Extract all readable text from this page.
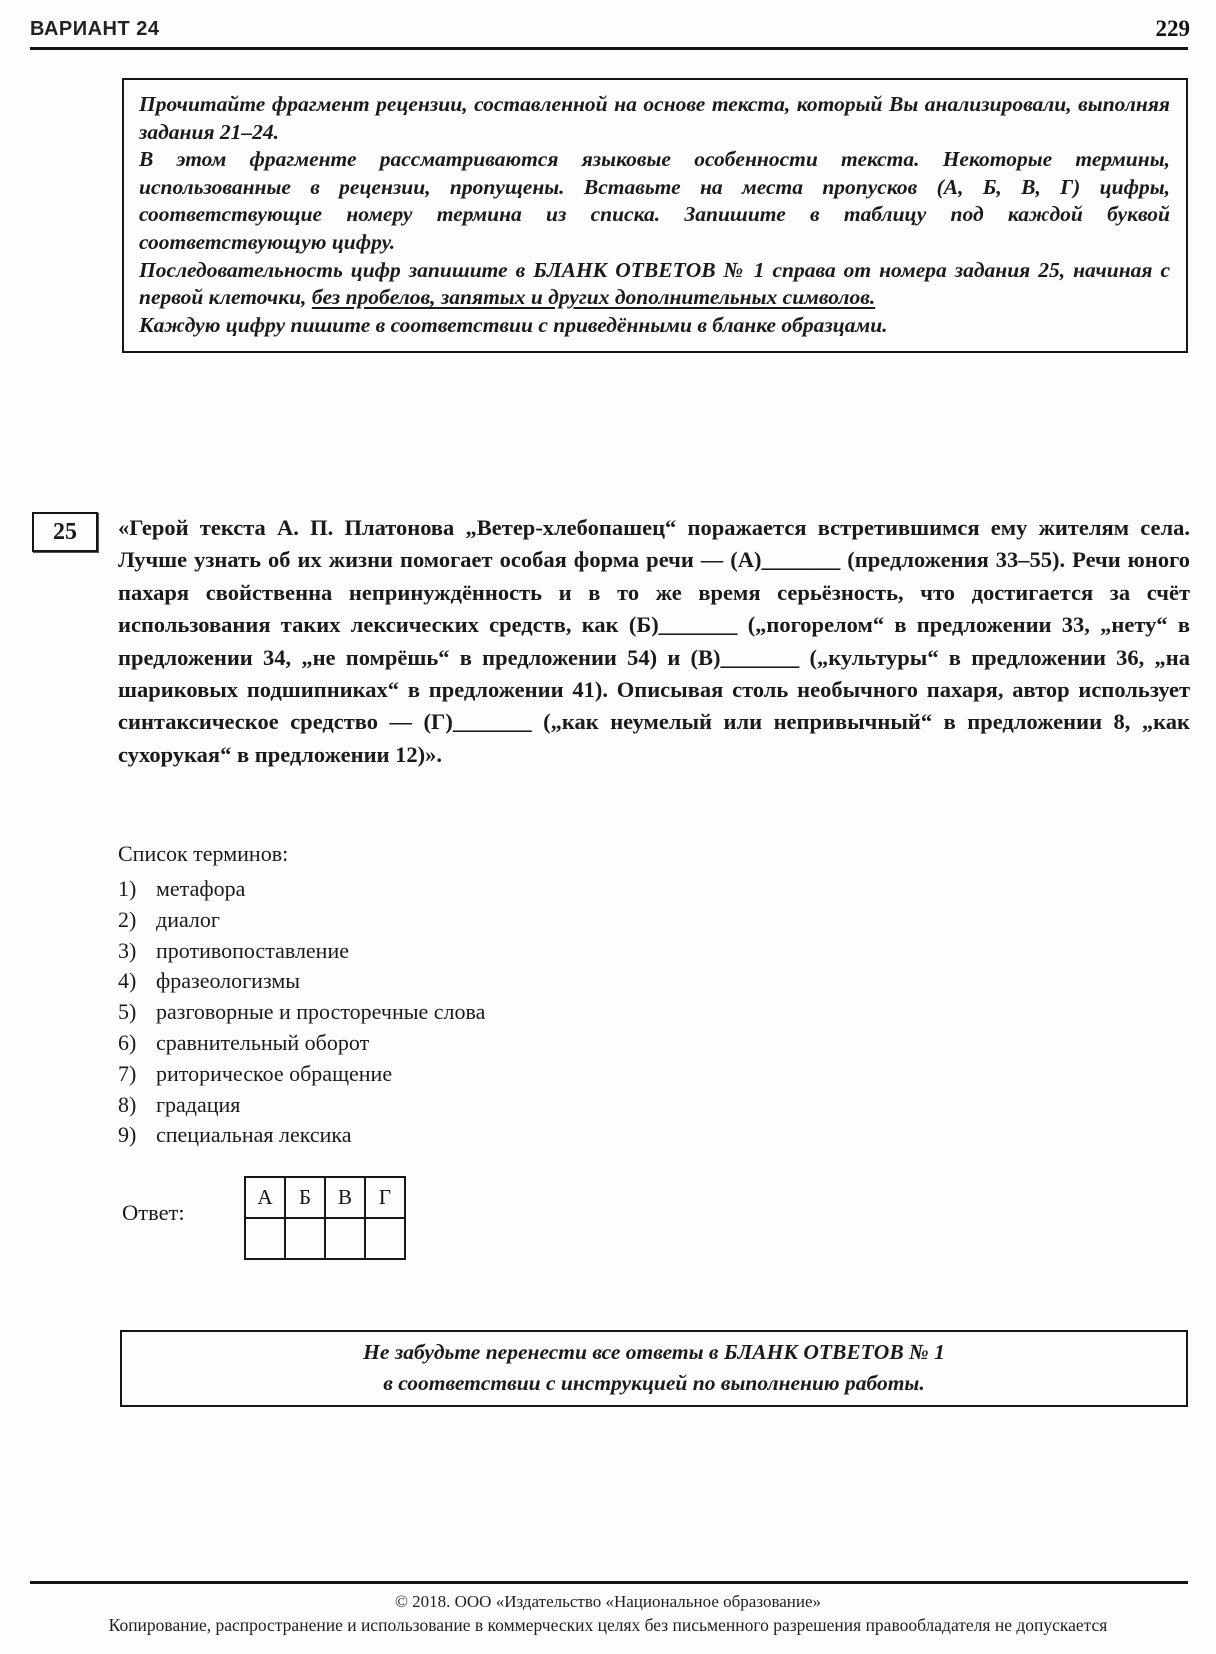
ВАРИАНТ 24	229

Прочитайте фрагмент рецензии, составленной на основе текста, который Вы анализировали, выполняя задания 21–24.

В этом фрагменте рассматриваются языковые особенности текста. Некоторые термины, использованные в рецензии, пропущены. Вставьте на места пропусков (А, Б, В, Г) цифры, соответствующие номеру термина из списка. Запишите в таблицу под каждой буквой соответствующую цифру.

Последовательность цифр запишите в БЛАНК ОТВЕТОВ № 1 справа от номера задания 25, начиная с первой клеточки, без пробелов, запятых и других дополнительных символов.

Каждую цифру пишите в соответствии с приведёнными в бланке образцами.

25 «Герой текста А. П. Платонова „Ветер-хлебопашец“ поражается встретившимся ему жителям села. Лучше узнать об их жизни помогает особая форма речи — (А)_______ (предложения 33–55). Речи юного пахаря свойственна непринуждённость и в то же время серьёзность, что достигается за счёт использования таких лексических средств, как (Б)_______ („погорелом“ в предложении 33, „нету“ в предложении 34, „не помрёшь“ в предложении 54) и (В)_______ („культуры“ в предложении 36, „на шариковых подшипниках“ в предложении 41). Описывая столь необычного пахаря, автор использует синтаксическое средство — (Г)_______ („как неумелый или непривычный“ в предложении 8, „как сухорукая“ в предложении 12)».

Список терминов:
1) метафора
2) диалог
3) противопоставление
4) фразеологизмы
5) разговорные и просторечные слова
6) сравнительный оборот
7) риторическое обращение
8) градация
9) специальная лексика
Ответ:
А	Б	В	Г

Не забудьте перенести все ответы в БЛАНК ОТВЕТОВ № 1

в соответствии с инструкцией по выполнению работы.

© 2018. ООО «Издательство «Национальное образование»
Копирование, распространение и использование в коммерческих целях без письменного разрешения правообладателя не допускается
